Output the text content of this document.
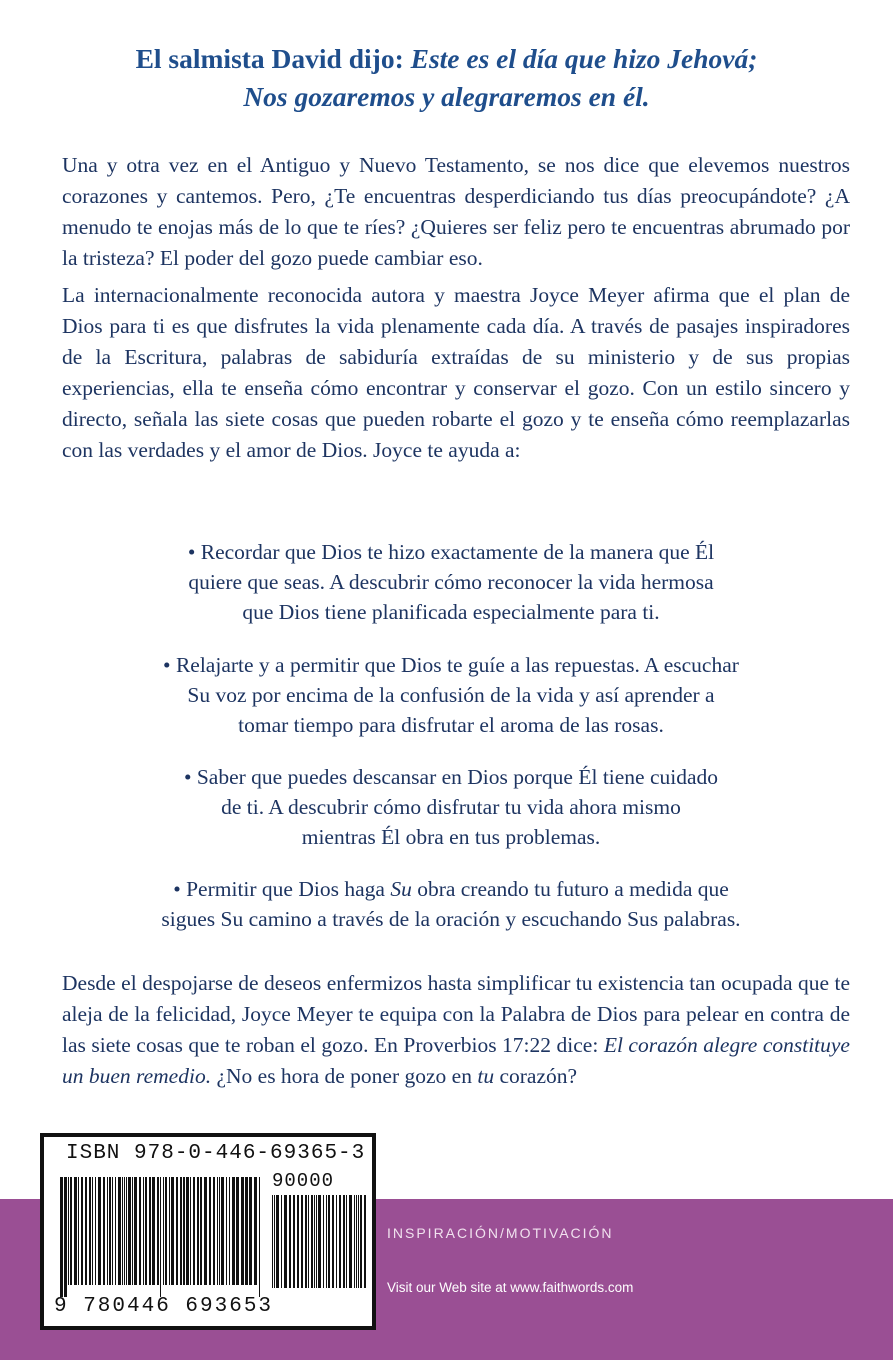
El salmista David dijo: Este es el día que hizo Jehová;
Nos gozaremos y alegraremos en él.

Una y otra vez en el Antiguo y Nuevo Testamento, se nos dice que elevemos nuestros corazones y cantemos. Pero, ¿Te encuentras desperdiciando tus días preocupándote? ¿A menudo te enojas más de lo que te ríes? ¿Quieres ser feliz pero te encuentras abrumado por la tristeza? El poder del gozo puede cambiar eso.

La internacionalmente reconocida autora y maestra Joyce Meyer afirma que el plan de Dios para ti es que disfrutes la vida plenamente cada día. A través de pasajes inspiradores de la Escritura, palabras de sabiduría extraídas de su ministerio y de sus propias experiencias, ella te enseña cómo encontrar y conservar el gozo. Con un estilo sincero y directo, señala las siete cosas que pueden robarte el gozo y te enseña cómo reemplazarlas con las verdades y el amor de Dios. Joyce te ayuda a:

• Recordar que Dios te hizo exactamente de la manera que Él
quiere que seas. A descubrir cómo reconocer la vida hermosa
que Dios tiene planificada especialmente para ti.
• Relajarte y a permitir que Dios te guíe a las repuestas. A escuchar
Su voz por encima de la confusión de la vida y así aprender a
tomar tiempo para disfrutar el aroma de las rosas.
• Saber que puedes descansar en Dios porque Él tiene cuidado
de ti. A descubrir cómo disfrutar tu vida ahora mismo
mientras Él obra en tus problemas.
• Permitir que Dios haga Su obra creando tu futuro a medida que
sigues Su camino a través de la oración y escuchando Sus palabras.

Desde el despojarse de deseos enfermizos hasta simplificar tu existencia tan ocupada que te aleja de la felicidad, Joyce Meyer te equipa con la Palabra de Dios para pelear en contra de las siete cosas que te roban el gozo. En Proverbios 17:22 dice: El corazón alegre constituye un buen remedio. ¿No es hora de poner gozo en tu corazón?

INSPIRACIÓN/MOTIVACIÓN
Visit our Web site at www.faithwords.com
ISBN 978-0-446-69365-3
90000
9 780446 693653
